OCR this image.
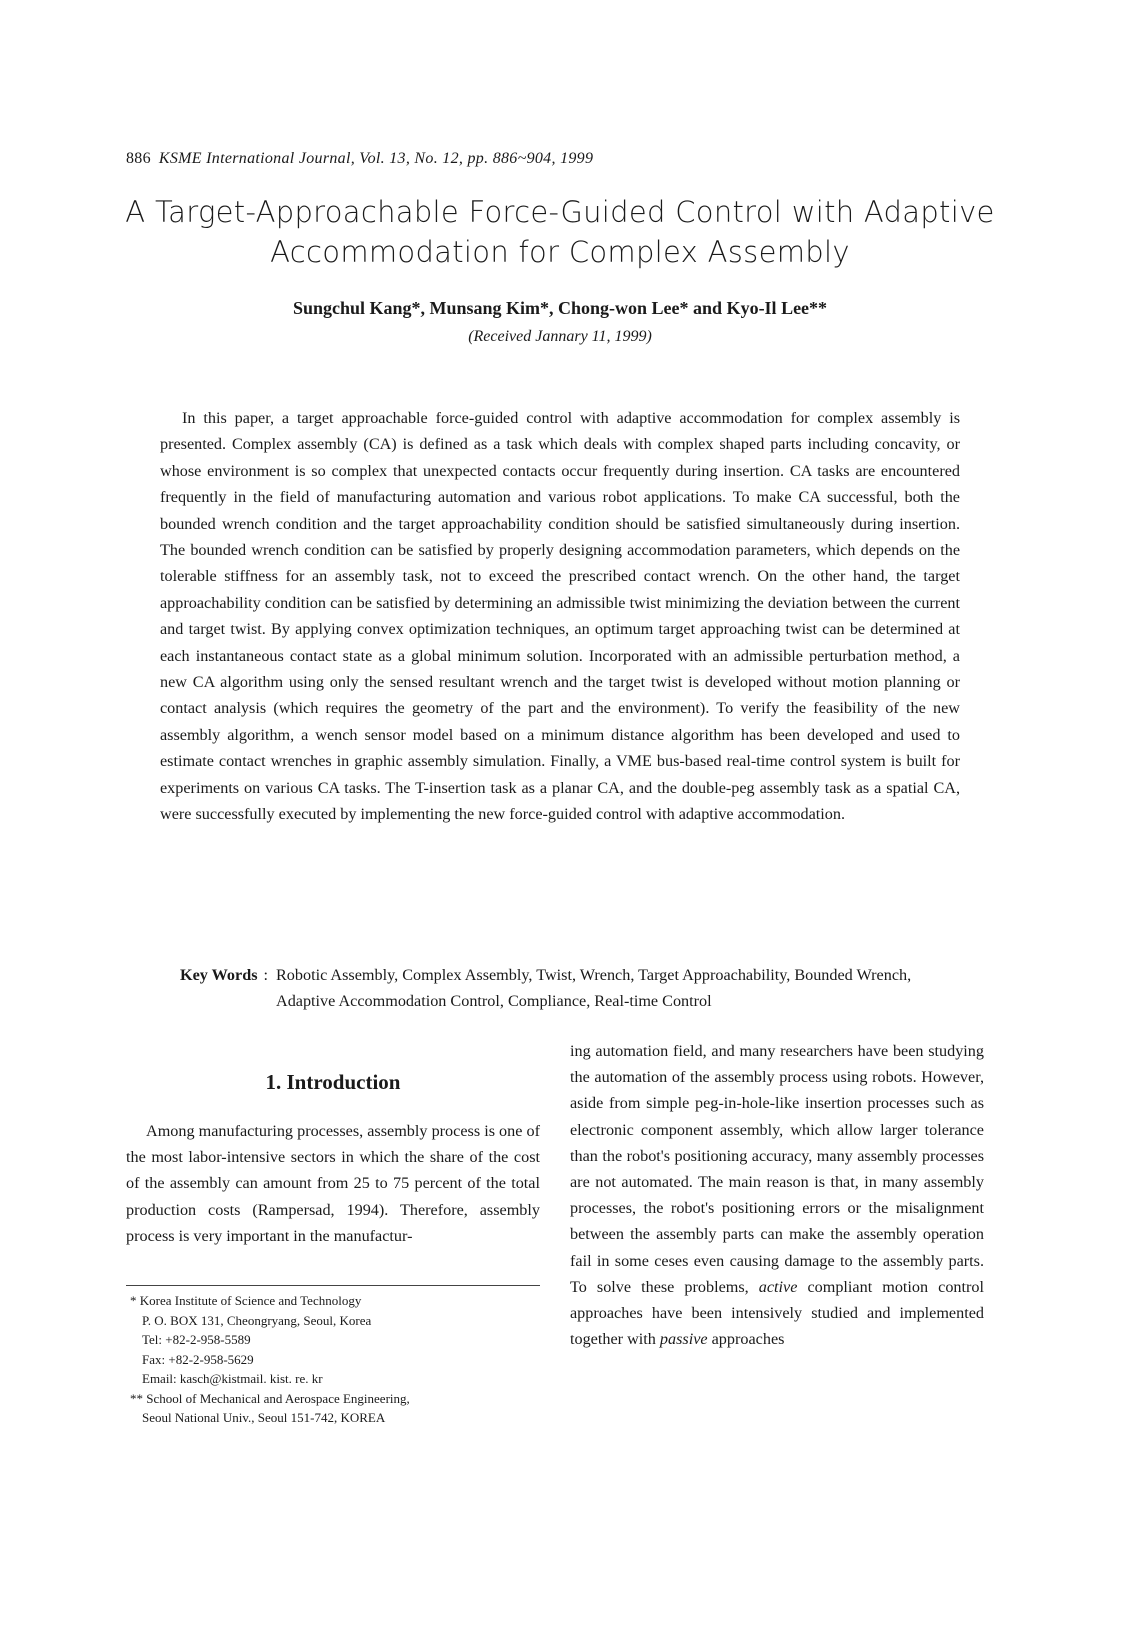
886 KSME International Journal, Vol. 13, No. 12, pp. 886~904, 1999
A Target-Approachable Force-Guided Control with Adaptive
Accommodation for Complex Assembly
Sungchul Kang*, Munsang Kim*, Chong-won Lee* and Kyo-Il Lee**
(Received Jannary 11, 1999)

In this paper, a target approachable force-guided control with adaptive accommodation for complex assembly is presented. Complex assembly (CA) is defined as a task which deals with complex shaped parts including concavity, or whose environment is so complex that unexpected contacts occur frequently during insertion. CA tasks are encountered frequently in the field of manufacturing automation and various robot applications. To make CA successful, both the bounded wrench condition and the target approachability condition should be satisfied simultaneously during insertion. The bounded wrench condition can be satisfied by properly designing accommodation parameters, which depends on the tolerable stiffness for an assembly task, not to exceed the prescribed contact wrench. On the other hand, the target approachability condition can be satisfied by determining an admissible twist minimizing the deviation between the current and target twist. By applying convex optimization techniques, an optimum target approaching twist can be determined at each instantaneous contact state as a global minimum solution. Incorporated with an admissible perturbation method, a new CA algorithm using only the sensed resultant wrench and the target twist is developed without motion planning or contact analysis (which requires the geometry of the part and the environment). To verify the feasibility of the new assembly algorithm, a wench sensor model based on a minimum distance algorithm has been developed and used to estimate contact wrenches in graphic assembly simulation. Finally, a VME bus-based real-time control system is built for experiments on various CA tasks. The T-insertion task as a planar CA, and the double-peg assembly task as a spatial CA, were successfully executed by implementing the new force-guided control with adaptive accommodation.

Key Words : Robotic Assembly, Complex Assembly, Twist, Wrench, Target Approachability, Bounded Wrench, Adaptive Accommodation Control, Compliance, Real-time Control
1. Introduction

Among manufacturing processes, assembly process is one of the most labor-intensive sectors in which the share of the cost of the assembly can amount from 25 to 75 percent of the total production costs (Rampersad, 1994). Therefore, assembly process is very important in the manufactur-

* Korea Institute of Science and Technology
P. O. BOX 131, Cheongryang, Seoul, Korea
Tel: +82-2-958-5589
Fax: +82-2-958-5629
Email: kasch@kistmail. kist. re. kr
** School of Mechanical and Aerospace Engineering,
Seoul National Univ., Seoul 151-742, KOREA

ing automation field, and many researchers have been studying the automation of the assembly process using robots. However, aside from simple peg-in-hole-like insertion processes such as electronic component assembly, which allow larger tolerance than the robot's positioning accuracy, many assembly processes are not automated. The main reason is that, in many assembly processes, the robot's positioning errors or the misalignment between the assembly parts can make the assembly operation fail in some ceses even causing damage to the assembly parts. To solve these problems, active compliant motion control approaches have been intensively studied and implemented together with passive approaches
